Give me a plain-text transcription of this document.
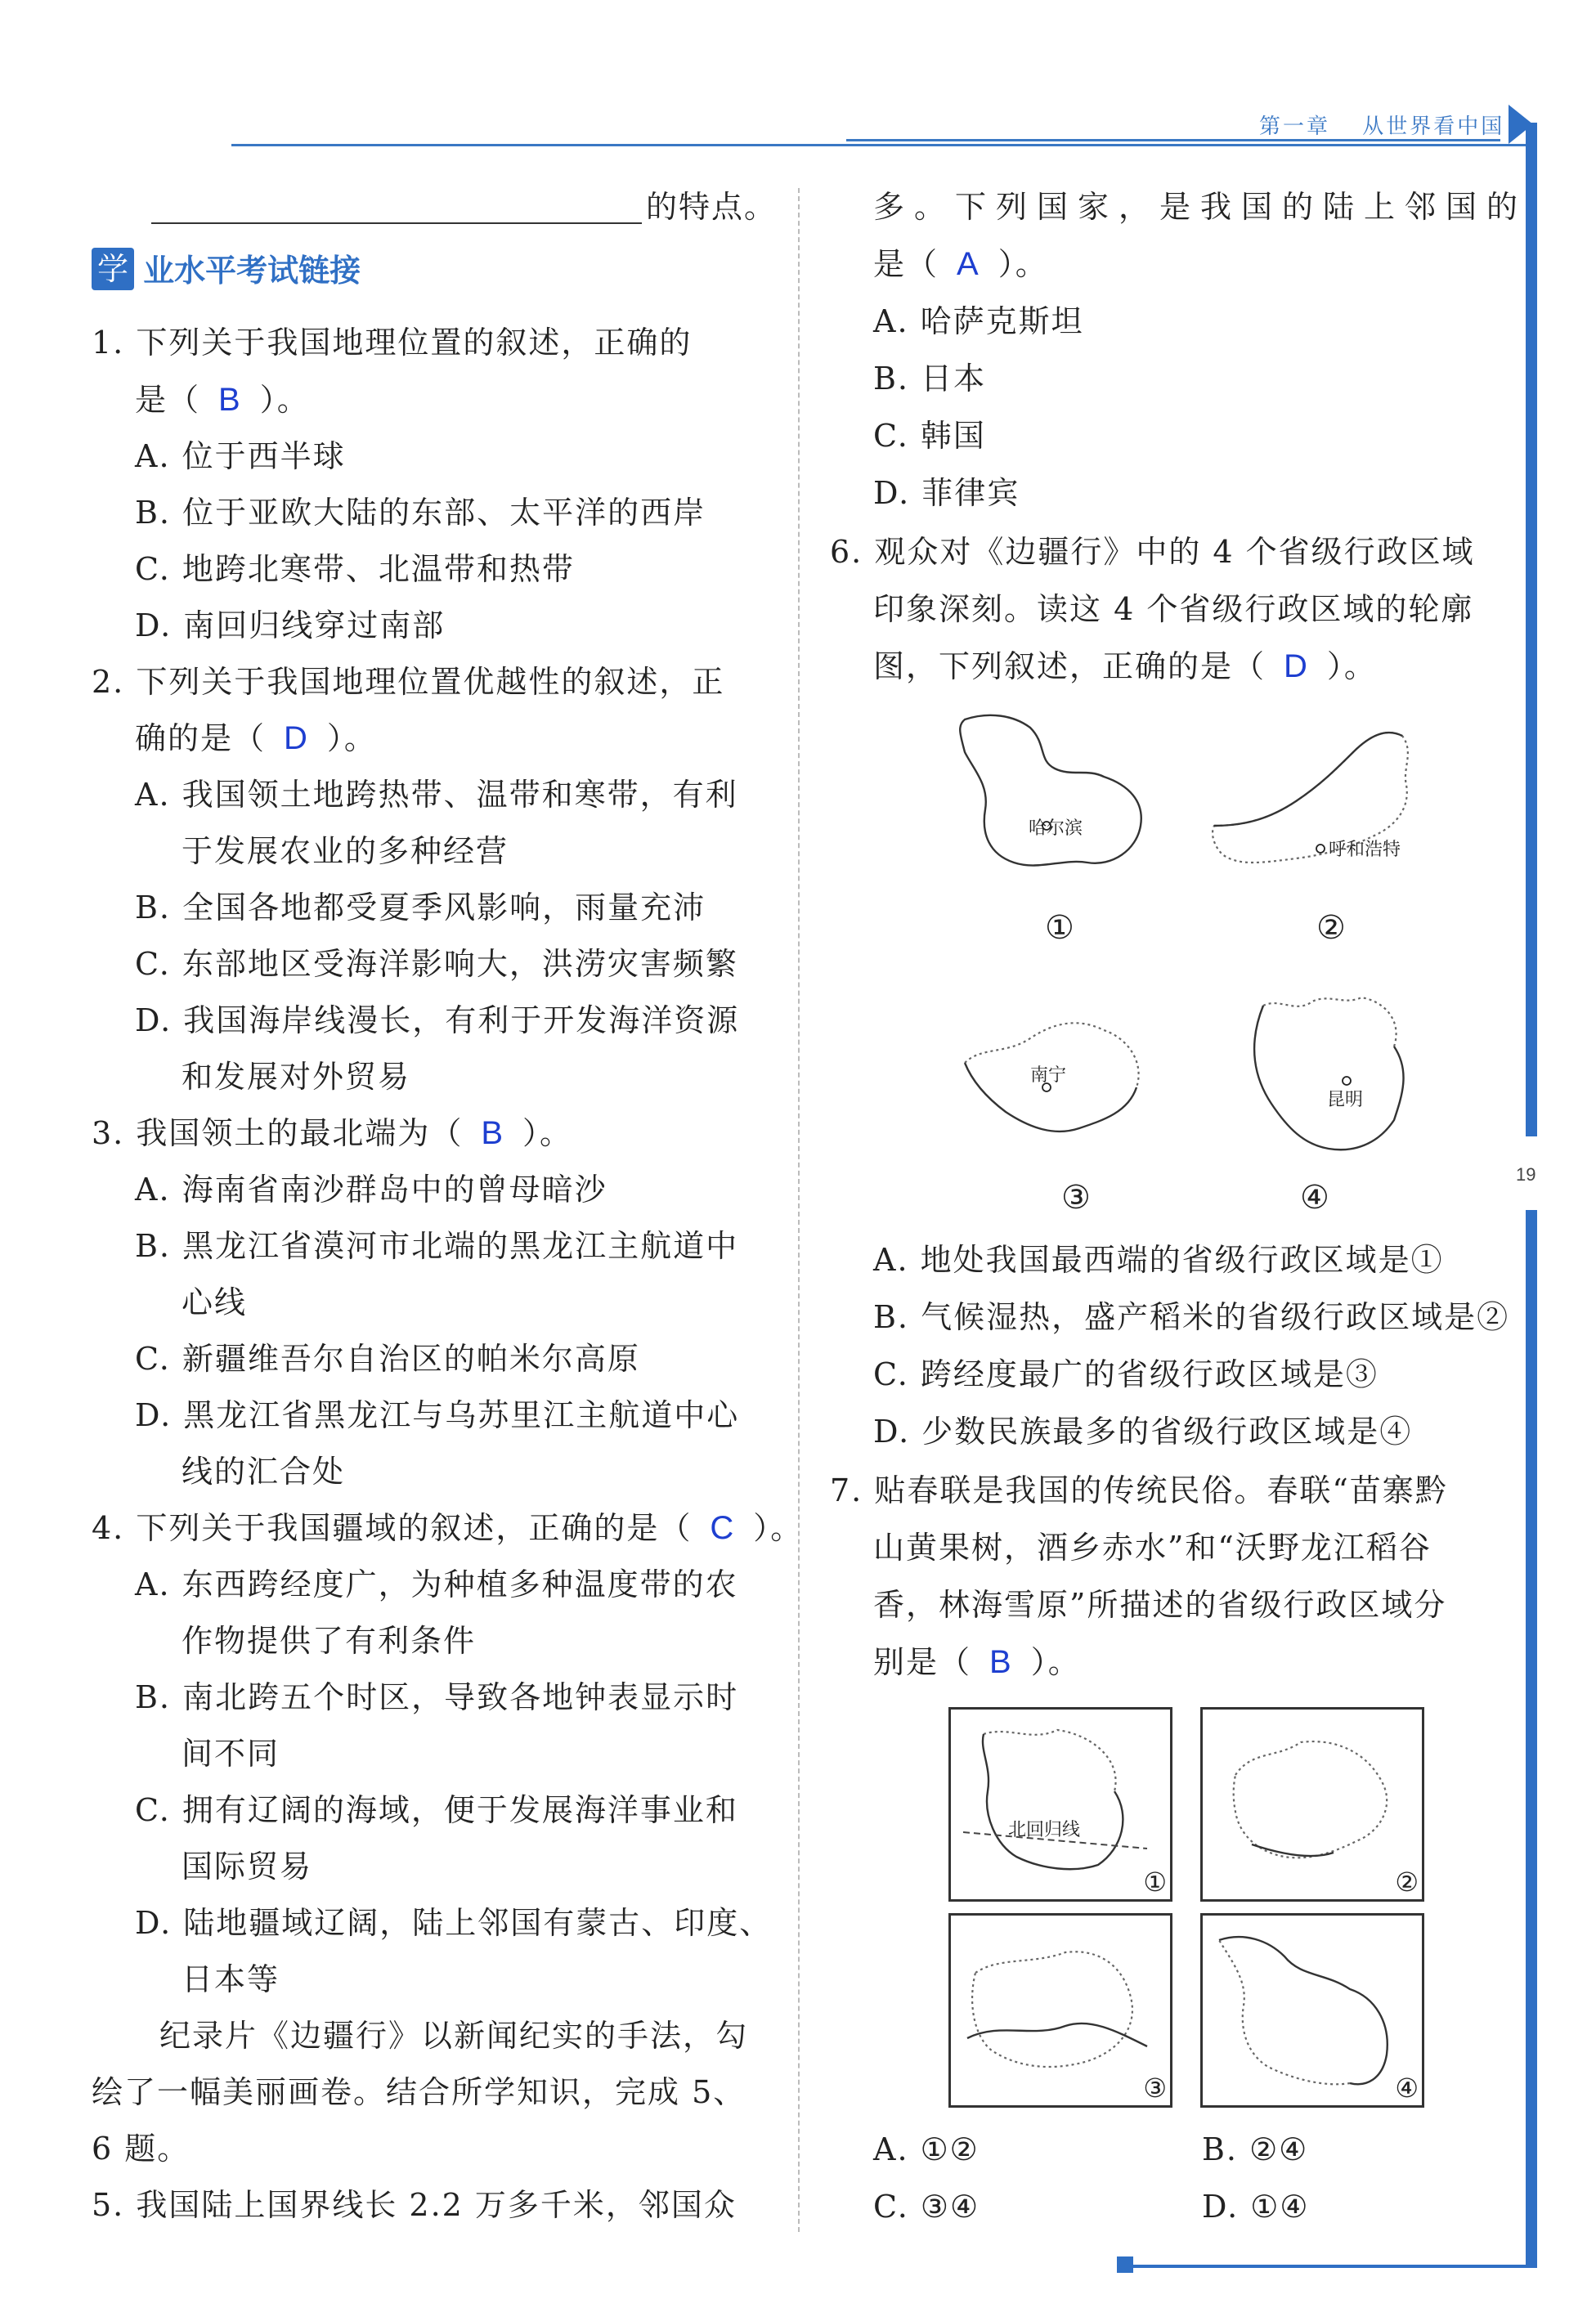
第一章 从世界看中国
19
的特点。
学 业水平考试链接
1. 下列关于我国地理位置的叙述，正确的
是（ B ）。
A. 位于西半球
B. 位于亚欧大陆的东部、太平洋的西岸
C. 地跨北寒带、北温带和热带
D. 南回归线穿过南部
2. 下列关于我国地理位置优越性的叙述，正
确的是（ D ）。
A. 我国领土地跨热带、温带和寒带，有利
于发展农业的多种经营
B. 全国各地都受夏季风影响，雨量充沛
C. 东部地区受海洋影响大，洪涝灾害频繁
D. 我国海岸线漫长，有利于开发海洋资源
和发展对外贸易
3. 我国领土的最北端为（ B ）。
A. 海南省南沙群岛中的曾母暗沙
B. 黑龙江省漠河市北端的黑龙江主航道中
心线
C. 新疆维吾尔自治区的帕米尔高原
D. 黑龙江省黑龙江与乌苏里江主航道中心
线的汇合处
4. 下列关于我国疆域的叙述，正确的是（ C ）。
A. 东西跨经度广，为种植多种温度带的农
作物提供了有利条件
B. 南北跨五个时区，导致各地钟表显示时
间不同
C. 拥有辽阔的海域，便于发展海洋事业和
国际贸易
D. 陆地疆域辽阔，陆上邻国有蒙古、印度、
日本等
纪录片《边疆行》以新闻纪实的手法，勾
绘了一幅美丽画卷。结合所学知识，完成 5、
6 题。
5. 我国陆上国界线长 2.2 万多千米，邻国众
多。下列国家，是我国的陆上邻国的
是（ A ）。
A. 哈萨克斯坦
B. 日本
C. 韩国
D. 菲律宾
6. 观众对《边疆行》中的 4 个省级行政区域
印象深刻。读这 4 个省级行政区域的轮廓
图，下列叙述，正确的是（ D ）。
哈尔滨
呼和浩特
①	②
南宁
昆明
③	④
A. 地处我国最西端的省级行政区域是①
B. 气候湿热，盛产稻米的省级行政区域是②
C. 跨经度最广的省级行政区域是③
D. 少数民族最多的省级行政区域是④
7. 贴春联是我国的传统民俗。春联“苗寨黔
山黄果树，酒乡赤水”和“沃野龙江稻谷
香，林海雪原”所描述的省级行政区域分
别是（ B ）。
北回归线
①	②
③	④
A. ①②	B. ②④
C. ③④	D. ①④
